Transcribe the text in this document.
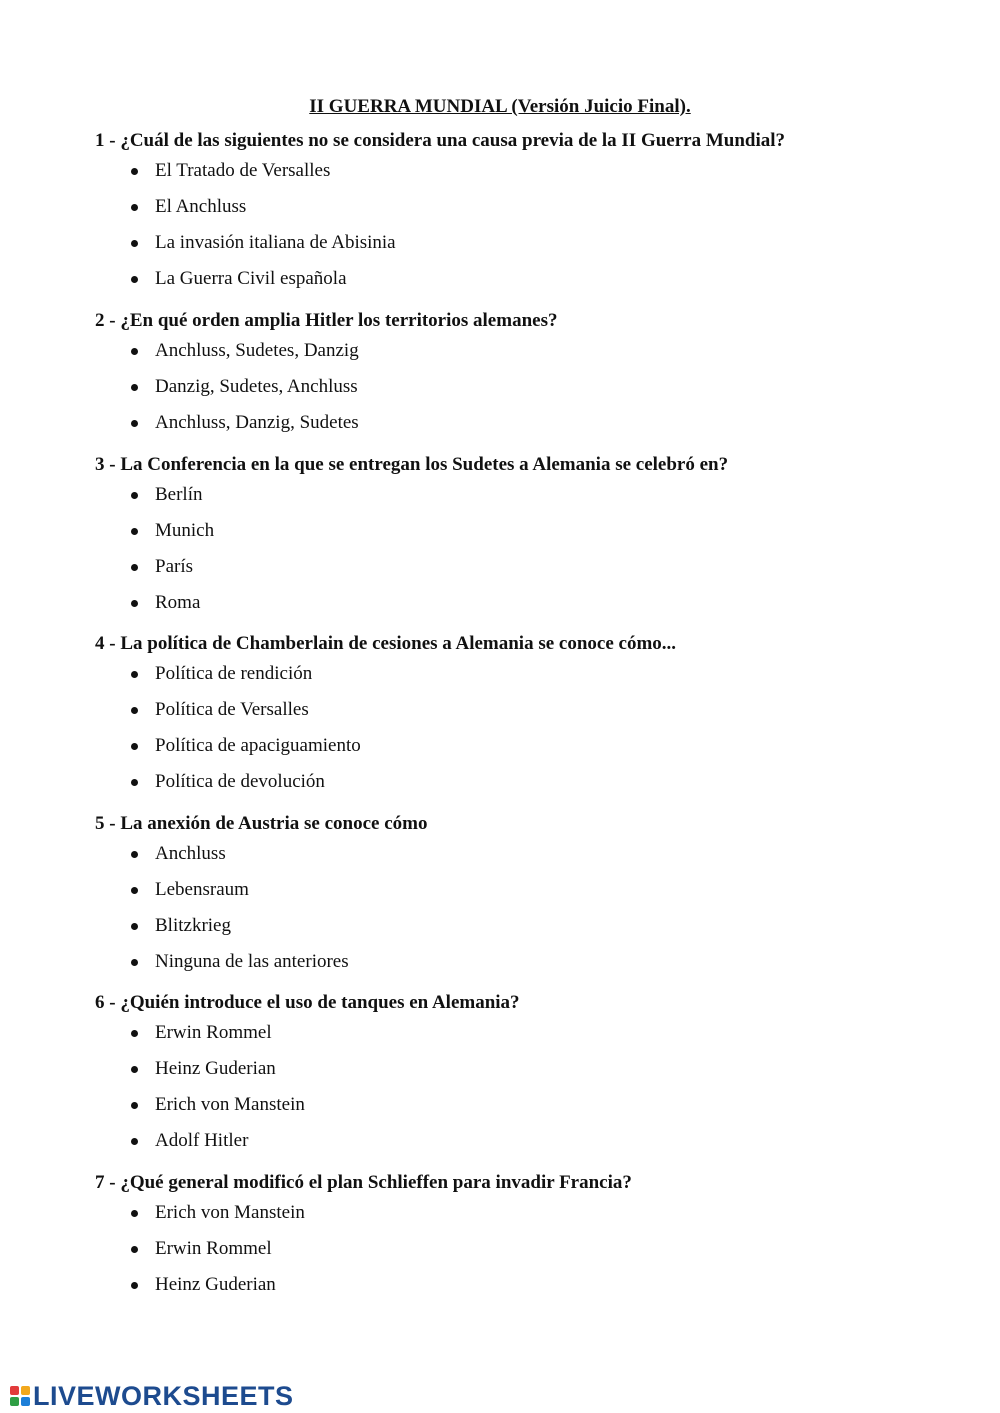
II GUERRA MUNDIAL (Versión Juicio Final).

1 - ¿Cuál de las siguientes no se considera una causa previa de la II Guerra Mundial?

El Tratado de Versalles
El Anchluss
La invasión italiana de Abisinia
La Guerra Civil española

2 - ¿En qué orden amplia Hitler los territorios alemanes?

Anchluss, Sudetes, Danzig
Danzig, Sudetes, Anchluss
Anchluss, Danzig, Sudetes

3 - La Conferencia en la que se entregan los Sudetes a Alemania se celebró en?

Berlín
Munich
París
Roma

4 - La política de Chamberlain de cesiones a Alemania se conoce cómo...

Política de rendición
Política de Versalles
Política de apaciguamiento
Política de devolución

5 - La anexión de Austria se conoce cómo

Anchluss
Lebensraum
Blitzkrieg
Ninguna de las anteriores

6 - ¿Quién introduce el uso de tanques en Alemania?

Erwin Rommel
Heinz Guderian
Erich von Manstein
Adolf Hitler

7 - ¿Qué general modificó el plan Schlieffen para invadir Francia?

Erich von Manstein
Erwin Rommel
Heinz Guderian
LIVEWORKSHEETS
